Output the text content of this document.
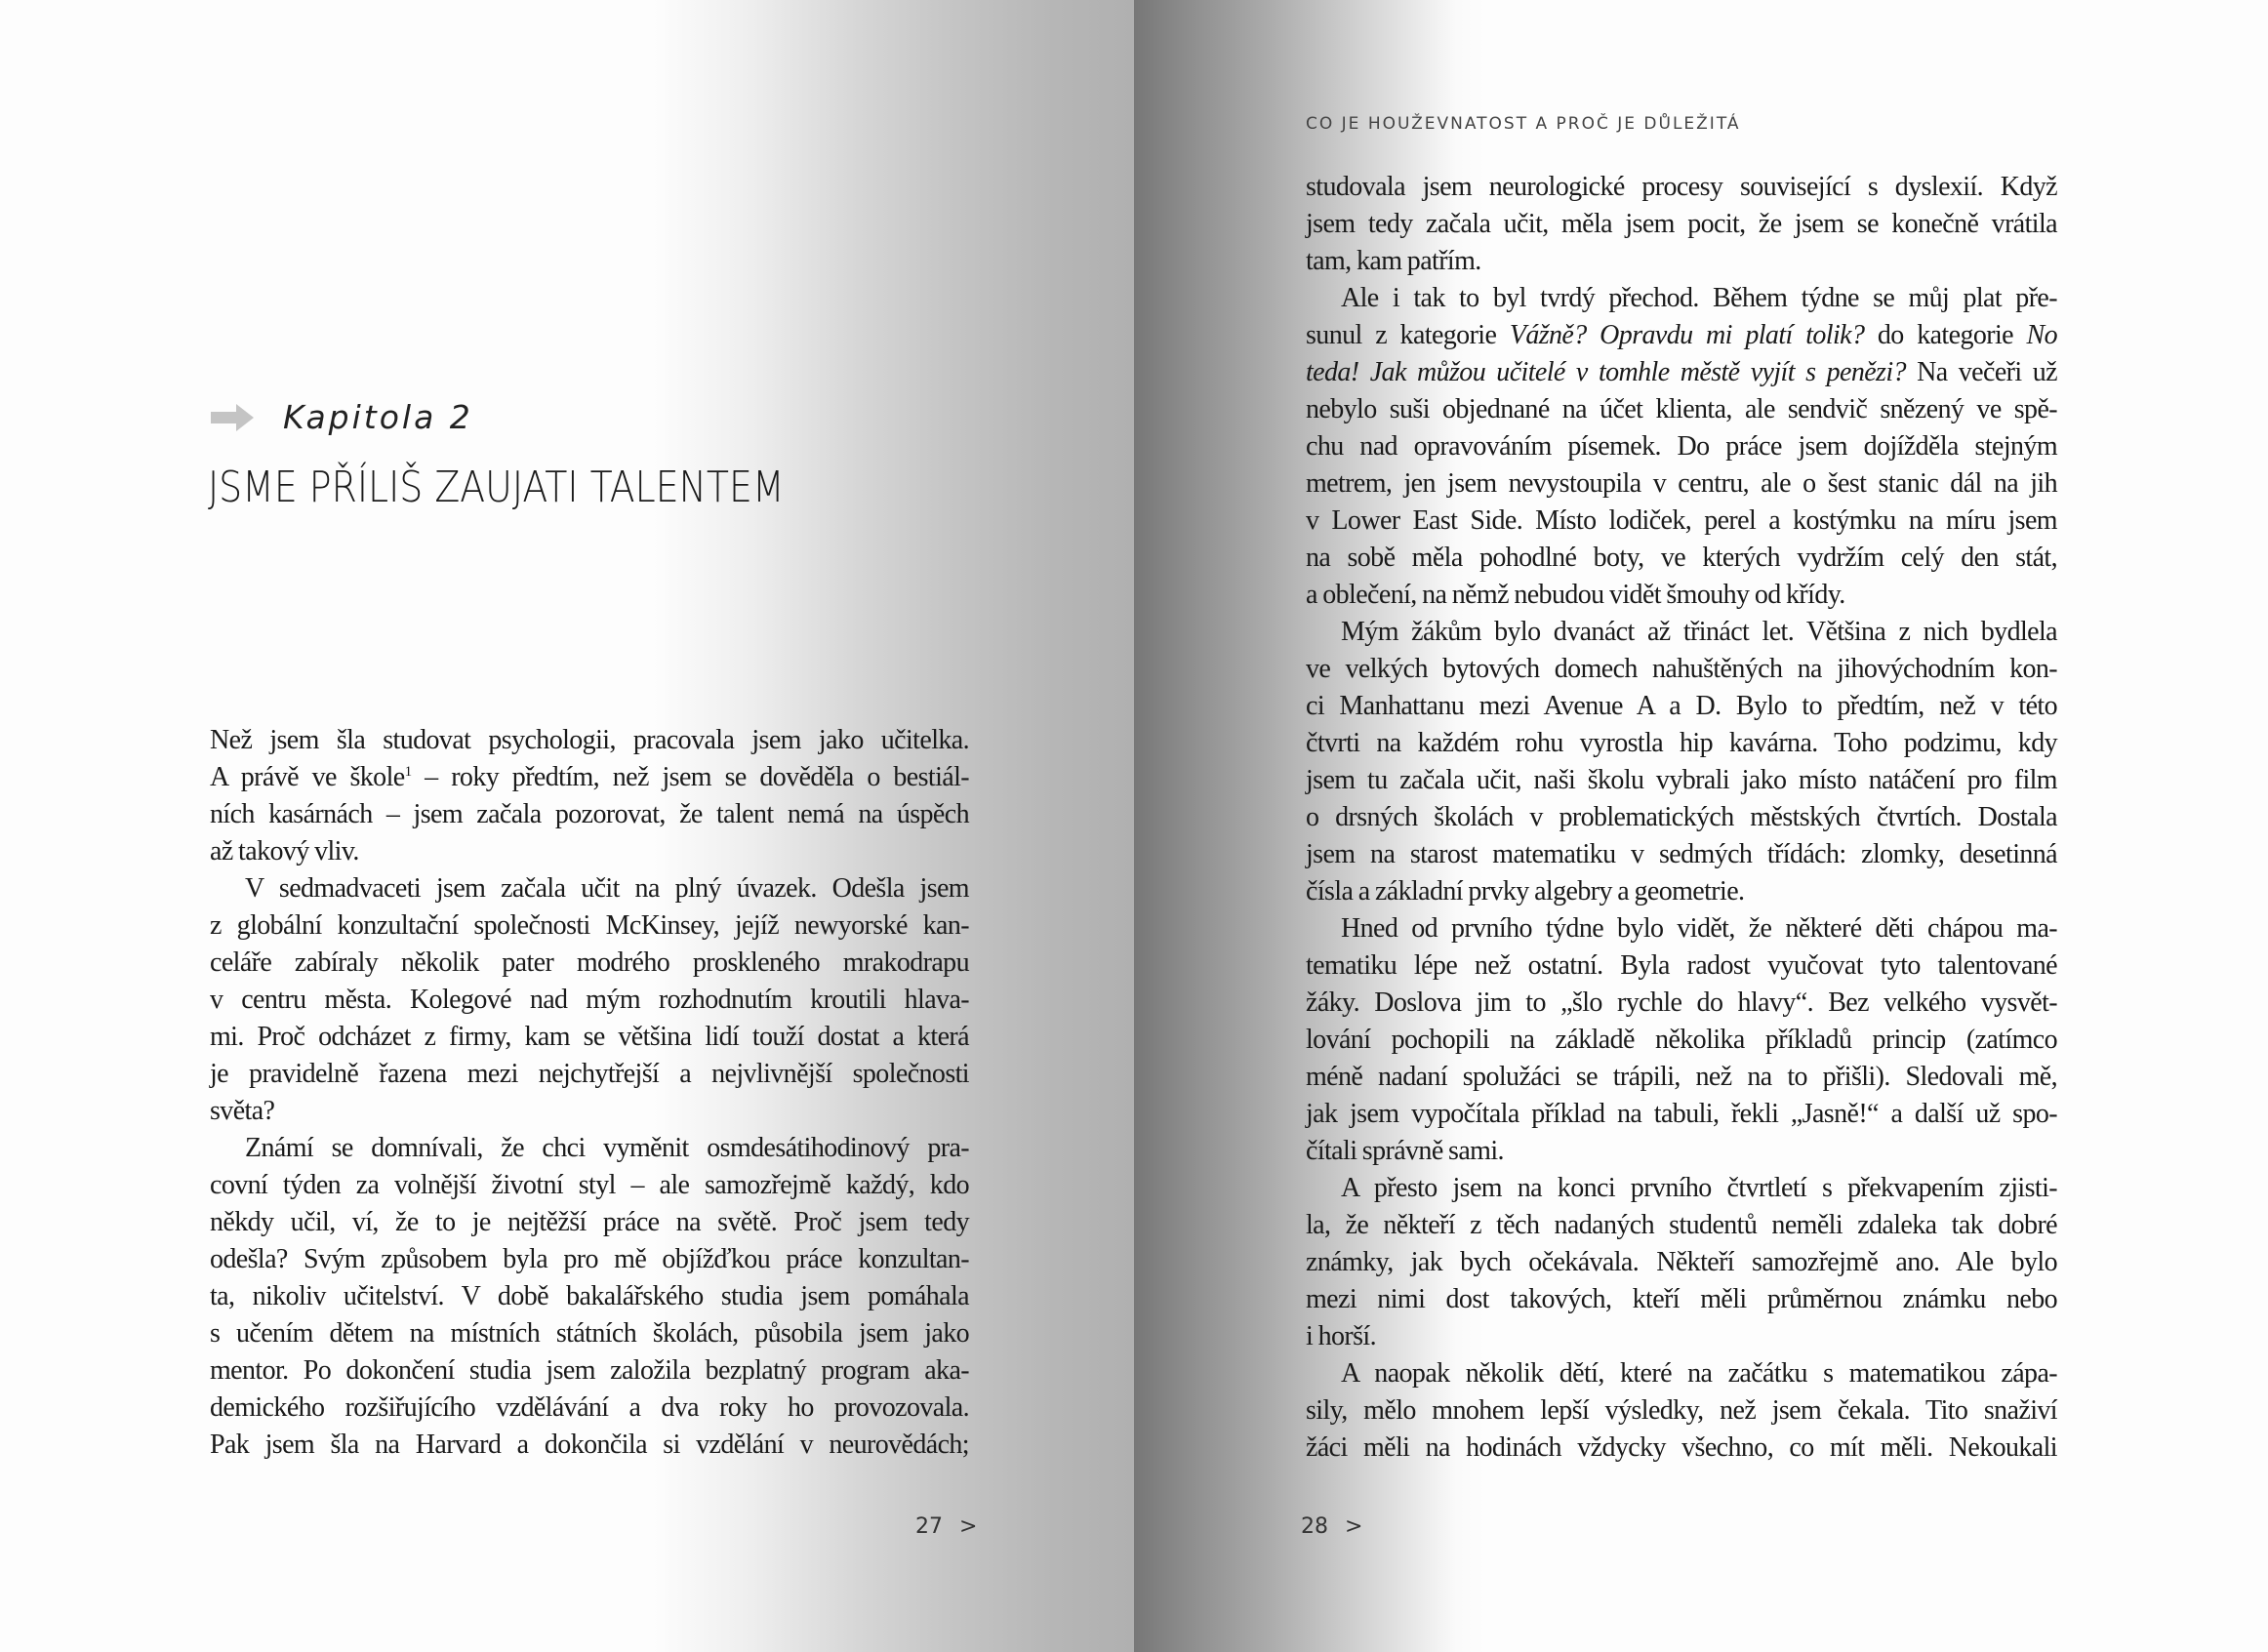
CO JE HOUŽEVNATOST A PROČ JE DŮLEŽITÁ
Kapitola 2
JSME PŘÍLIŠ ZAUJATI TALENTEM
Než jsem šla studovat psychologii, pracovala jsem jako učitelka.
A právě ve škole$^1$ – roky předtím, než jsem se dověděla o bestiál-
ních kasárnách – jsem začala pozorovat, že talent nemá na úspěch
až takový vliv.
V sedmadvaceti jsem začala učit na plný úvazek. Odešla jsem
z globální konzultační společnosti McKinsey, jejíž newyorské kan-
celáře zabíraly několik pater modrého proskleného mrakodrapu
v centru města. Kolegové nad mým rozhodnutím kroutili hlava-
mi. Proč odcházet z firmy, kam se většina lidí touží dostat a která
je pravidelně řazena mezi nejchytřejší a nejvlivnější společnosti
světa?
Známí se domnívali, že chci vyměnit osmdesátihodinový pra-
covní týden za volnější životní styl – ale samozřejmě každý, kdo
někdy učil, ví, že to je nejtěžší práce na světě. Proč jsem tedy
odešla? Svým způsobem byla pro mě objížďkou práce konzultan-
ta, nikoliv učitelství. V době bakalářského studia jsem pomáhala
s učením dětem na místních státních školách, působila jsem jako
mentor. Po dokončení studia jsem založila bezplatný program aka-
demického rozšiřujícího vzdělávání a dva roky ho provozovala.
Pak jsem šla na Harvard a dokončila si vzdělání v neurovědách;
studovala jsem neurologické procesy související s dyslexií. Když
jsem tedy začala učit, měla jsem pocit, že jsem se konečně vrátila
tam, kam patřím.
Ale i tak to byl tvrdý přechod. Během týdne se můj plat pře-
sunul z kategorie Vážně? Opravdu mi platí tolik? do kategorie No
teda! Jak můžou učitelé v tomhle městě vyjít s penězi? Na večeři už
nebylo suši objednané na účet klienta, ale sendvič snězený ve spě-
chu nad opravováním písemek. Do práce jsem dojížděla stejným
metrem, jen jsem nevystoupila v centru, ale o šest stanic dál na jih
v Lower East Side. Místo lodiček, perel a kostýmku na míru jsem
na sobě měla pohodlné boty, ve kterých vydržím celý den stát,
a oblečení, na němž nebudou vidět šmouhy od křídy.
Mým žákům bylo dvanáct až třináct let. Většina z nich bydlela
ve velkých bytových domech nahuštěných na jihovýchodním kon-
ci Manhattanu mezi Avenue A a D. Bylo to předtím, než v této
čtvrti na každém rohu vyrostla hip kavárna. Toho podzimu, kdy
jsem tu začala učit, naši školu vybrali jako místo natáčení pro film
o drsných školách v problematických městských čtvrtích. Dostala
jsem na starost matematiku v sedmých třídách: zlomky, desetinná
čísla a základní prvky algebry a geometrie.
Hned od prvního týdne bylo vidět, že některé děti chápou ma-
tematiku lépe než ostatní. Byla radost vyučovat tyto talentované
žáky. Doslova jim to „šlo rychle do hlavy“. Bez velkého vysvět-
lování pochopili na základě několika příkladů princip (zatímco
méně nadaní spolužáci se trápili, než na to přišli). Sledovali mě,
jak jsem vypočítala příklad na tabuli, řekli „Jasně!“ a další už spo-
čítali správně sami.
A přesto jsem na konci prvního čtvrtletí s překvapením zjisti-
la, že někteří z těch nadaných studentů neměli zdaleka tak dobré
známky, jak bych očekávala. Někteří samozřejmě ano. Ale bylo
mezi nimi dost takových, kteří měli průměrnou známku nebo
i horší.
A naopak několik dětí, které na začátku s matematikou zápa-
sily, mělo mnohem lepší výsledky, než jsem čekala. Tito snaživí
žáci měli na hodinách vždycky všechno, co mít měli. Nekoukali
27 >	28 >
